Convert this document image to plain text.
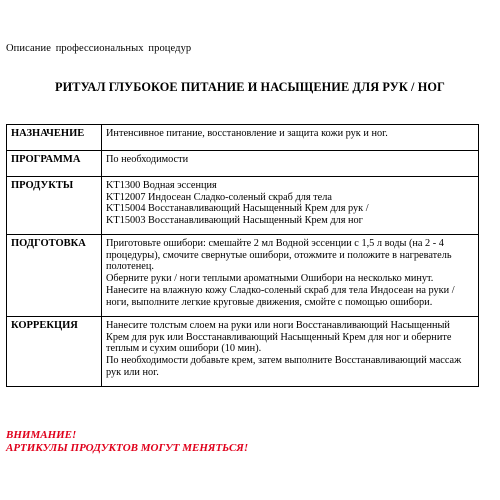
Описание профессиональных процедур
РИТУАЛ ГЛУБОКОЕ ПИТАНИЕ И НАСЫЩЕНИЕ ДЛЯ РУК / НОГ
НАЗНАЧЕНИЕ	Интенсивное питание, восстановление и защита кожи рук и ног.
ПРОГРАММА	По необходимости
ПРОДУКТЫ	KT1300 Водная эссенция
KT12007 Индосеан Сладко-соленый скраб для тела
KT15004 Восстанавливающий Насыщенный Крем для рук /
KT15003 Восстанавливающий Насыщенный Крем для ног

ПОДГОТОВКА	Приготовьте ошибори: смешайте 2 мл Водной эссенции с 1,5 л воды (на 2 - 4 процедуры), смочите свернутые ошибори, отожмите и положите в нагреватель полотенец.
Оберните руки / ноги теплыми ароматными Ошибори на несколько минут.
Нанесите на влажную кожу Сладко-соленый скраб для тела Индосеан на руки / ноги, выполните легкие круговые движения, смойте с помощью ошибори.

КОРРЕКЦИЯ	Нанесите толстым слоем на руки или ноги Восстанавливающий Насыщенный Крем для рук или Восстанавливающий Насыщенный Крем для ног и оберните теплым и сухим ошибори (10 мин).
По необходимости добавьте крем, затем выполните Восстанавливающий массаж рук или ног.
ВНИМАНИЕ!
АРТИКУЛЫ ПРОДУКТОВ МОГУТ МЕНЯТЬСЯ!
